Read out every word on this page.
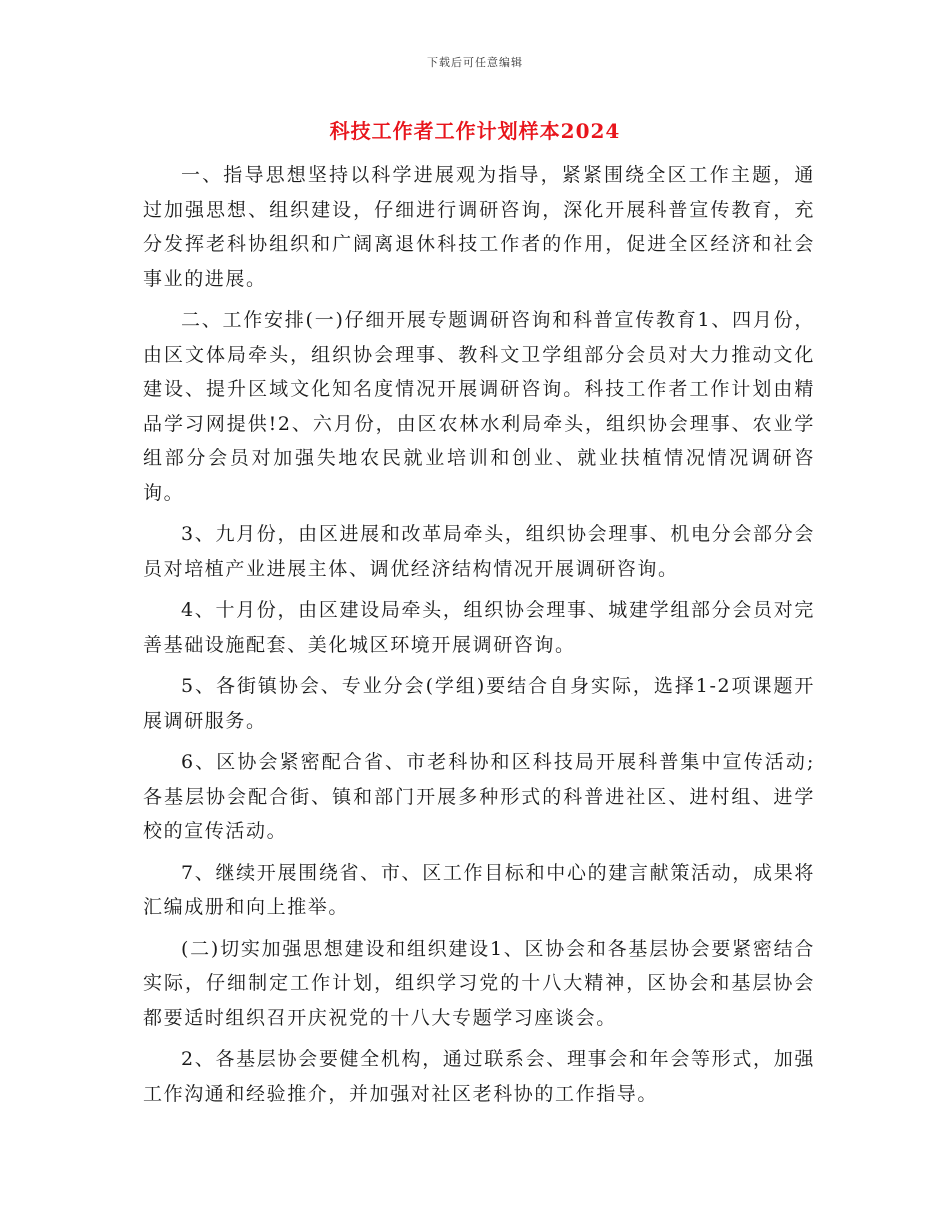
下载后可任意编辑
科技工作者工作计划样本2024

一、指导思想坚持以科学进展观为指导，紧紧围绕全区工作主题，通过加强思想、组织建设，仔细进行调研咨询，深化开展科普宣传教育，充分发挥老科协组织和广阔离退休科技工作者的作用，促进全区经济和社会事业的进展。

二、工作安排(一)仔细开展专题调研咨询和科普宣传教育1、四月份，由区文体局牵头，组织协会理事、教科文卫学组部分会员对大力推动文化建设、提升区域文化知名度情况开展调研咨询。科技工作者工作计划由精品学习网提供!2、六月份，由区农林水利局牵头，组织协会理事、农业学组部分会员对加强失地农民就业培训和创业、就业扶植情况情况调研咨询。

3、九月份，由区进展和改革局牵头，组织协会理事、机电分会部分会员对培植产业进展主体、调优经济结构情况开展调研咨询。

4、十月份，由区建设局牵头，组织协会理事、城建学组部分会员对完善基础设施配套、美化城区环境开展调研咨询。

5、各街镇协会、专业分会(学组)要结合自身实际，选择1-2项课题开展调研服务。

6、区协会紧密配合省、市老科协和区科技局开展科普集中宣传活动;各基层协会配合街、镇和部门开展多种形式的科普进社区、进村组、进学校的宣传活动。

7、继续开展围绕省、市、区工作目标和中心的建言献策活动，成果将汇编成册和向上推举。

(二)切实加强思想建设和组织建设1、区协会和各基层协会要紧密结合实际，仔细制定工作计划，组织学习党的十八大精神，区协会和基层协会都要适时组织召开庆祝党的十八大专题学习座谈会。

2、各基层协会要健全机构，通过联系会、理事会和年会等形式，加强工作沟通和经验推介，并加强对社区老科协的工作指导。
